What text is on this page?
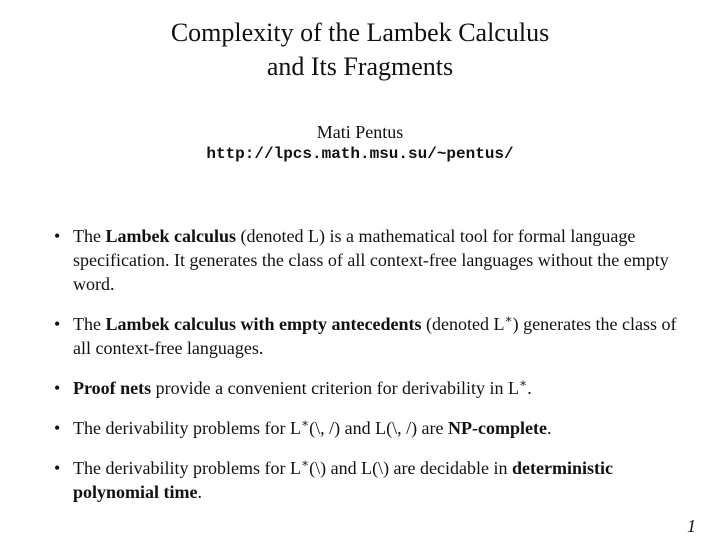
Complexity of the Lambek Calculus
and Its Fragments
Mati Pentus
http://lpcs.math.msu.su/~pentus/
• The Lambek calculus (denoted L) is a mathematical tool for formal language specification. It generates the class of all context-free languages without the empty word.
• The Lambek calculus with empty antecedents (denoted L∗) generates the class of all context-free languages.
• Proof nets provide a convenient criterion for derivability in L∗.
• The derivability problems for L∗(\, /) and L(\, /) are NP-complete.
• The derivability problems for L∗(\) and L(\) are decidable in deterministic polynomial time.
1
